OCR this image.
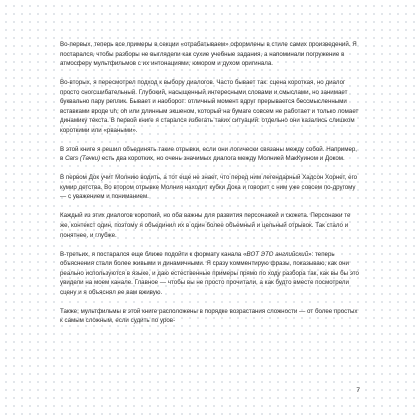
Во-первых, теперь все примеры в секции «отрабатываем» оформлены в стиле самих произведений. Я постарался, чтобы разборы не выглядели как сухие учебные задания, а напоминали погружение в атмосферу мультфильмов с их интонациями, юмором и духом оригинала.

Во-вторых, я пересмотрел подход к выбору диалогов. Часто бывает так: сцена короткая, но диалог просто сногсшибательный. Глубокий, насыщенный интересными словами и смыслами, но занимает буквально пару реплик. Бывает и наоборот: отличный момент вдруг прерывается бессмысленными вставками вроде uh, oh или длинным экшеном, который на бумаге совсем не работает и только ломает динамику текста. В первой книге я старался избегать таких ситуаций: отдельно они казались слишком короткими или «рваными».

В этой книге я решил объединять такие отрывки, если они логически связаны между собой. Например, в Cars (Тачки) есть два коротких, но очень значимых диалога между Молнией МакКуином и Доком.

В первом Док учит Молнию водить, а тот еще не знает, что перед ним легендарный Хадсон Хорнет, его кумир детства. Во втором отрывке Молния находит кубки Дока и говорит с ним уже совсем по-другому — с уважением и пониманием.

Каждый из этих диалогов короткий, но оба важны для развития персонажей и сюжета. Персонажи те же, контекст один, поэтому я объединил их в один более объемный и цельный отрывок. Так стало и понятнее, и глубже.

В-третьих, я постарался еще ближе подойти к формату канала «ВОТ ЭТО английский»: теперь объяснения стали более живыми и динамичными. Я сразу комментирую фразы, показываю, как они реально используются в языке, и даю естественные примеры прямо по ходу разбора так, как вы бы это увидели на моем канале. Главное — чтобы вы не просто прочитали, а как будто вместе посмотрели сцену и я объяснял ее вам вживую.

Также, мультфильмы в этой книге расположены в порядке возрастания сложности — от более простых к самым сложным, если судить по уров-

7
